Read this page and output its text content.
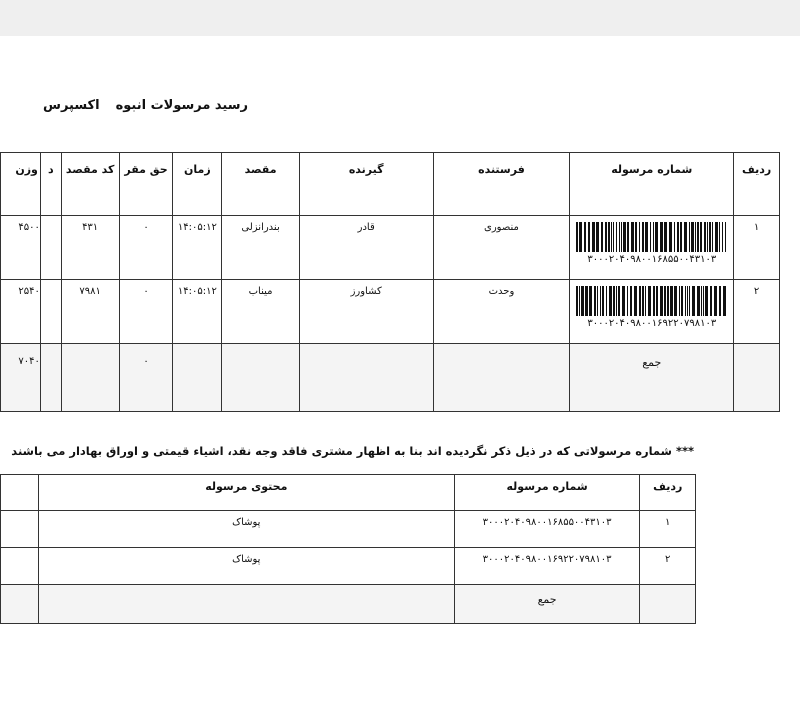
رسید مرسولات انبوهاکسپرس
ردیف	شماره مرسوله	فرستنده	گیرنده	مقصد	زمان	حق مقر	کد مقصد	د	وزن
۱	۳۰۰۰۲۰۴۰۹۸۰۰۱۶۸۵۵۰۰۴۳۱۰۳	منصوری	قادر	بندرانزلی	۱۴:۰۵:۱۲	۰	۴۳۱		۴۵۰۰
۲	۳۰۰۰۲۰۴۰۹۸۰۰۱۶۹۲۲۰۷۹۸۱۰۳	وحدت	کشاورز	میناب	۱۴:۰۵:۱۲	۰	۷۹۸۱		۲۵۴۰
	جمع					۰			۷۰۴۰
*** شماره مرسولاتی که در ذیل ذکر نگردیده اند بنا به اظهار مشتری فاقد وجه نقد، اشیاء قیمتی و اوراق بهادار می باشند
ردیف	شماره مرسوله	محتوی مرسوله	
۱	۳۰۰۰۲۰۴۰۹۸۰۰۱۶۸۵۵۰۰۴۳۱۰۳	پوشاک	
۲	۳۰۰۰۲۰۴۰۹۸۰۰۱۶۹۲۲۰۷۹۸۱۰۳	پوشاک	
	جمع		
